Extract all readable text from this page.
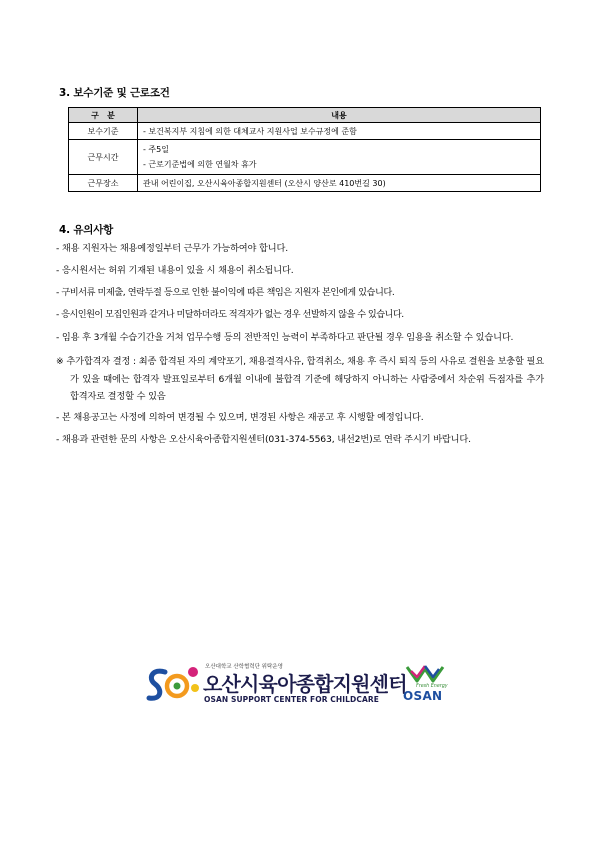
3. 보수기준 및 근로조건
구   분	내용
보수기준	- 보건복지부 지침에 의한 대체교사 지원사업 보수규정에 준함
근무시간	- 주5일
- 근로기준법에 의한 연월차 휴가

근무장소	관내 어린이집, 오산시육아종합지원센터 (오산시 양산로 410번길 30)
4. 유의사항
- 채용 지원자는 채용예정일부터 근무가 가능하여야 합니다.
- 응시원서는 허위 기재된 내용이 있을 시 채용이 취소됩니다.
- 구비서류 미제출, 연락두절 등으로 인한 불이익에 따른 책임은 지원자 본인에게 있습니다.
- 응시인원이 모집인원과 같거나 미달하더라도 적격자가 없는 경우 선발하지 않을 수 있습니다.
- 임용 후 3개월 수습기간을 거쳐 업무수행 등의 전반적인 능력이 부족하다고 판단될 경우 임용을 취소할 수 있습니다.
※ 추가합격자 결정 : 최종 합격된 자의 계약포기, 채용결격사유, 합격취소, 채용 후 즉시 퇴직 등의 사유로 결원을 보충할 필요가 있을 때에는 합격자 발표일로부터 6개월 이내에 불합격 기준에 해당하지 아니하는 사람중에서 차순위 득점자를 추가 합격자로 결정할 수 있음
- 본 채용공고는 사정에 의하여 변경될 수 있으며, 변경된 사항은 재공고 후 시행할 예정입니다.
- 채용과 관련한 문의 사항은 오산시육아종합지원센터(031-374-5563, 내선2번)로 연락 주시기 바랍니다.
오산대학교 산학협력단 위탁운영
오산시육아종합지원센터
OSAN SUPPORT CENTER FOR CHILDCARE
Fresh Energy
OSAN
